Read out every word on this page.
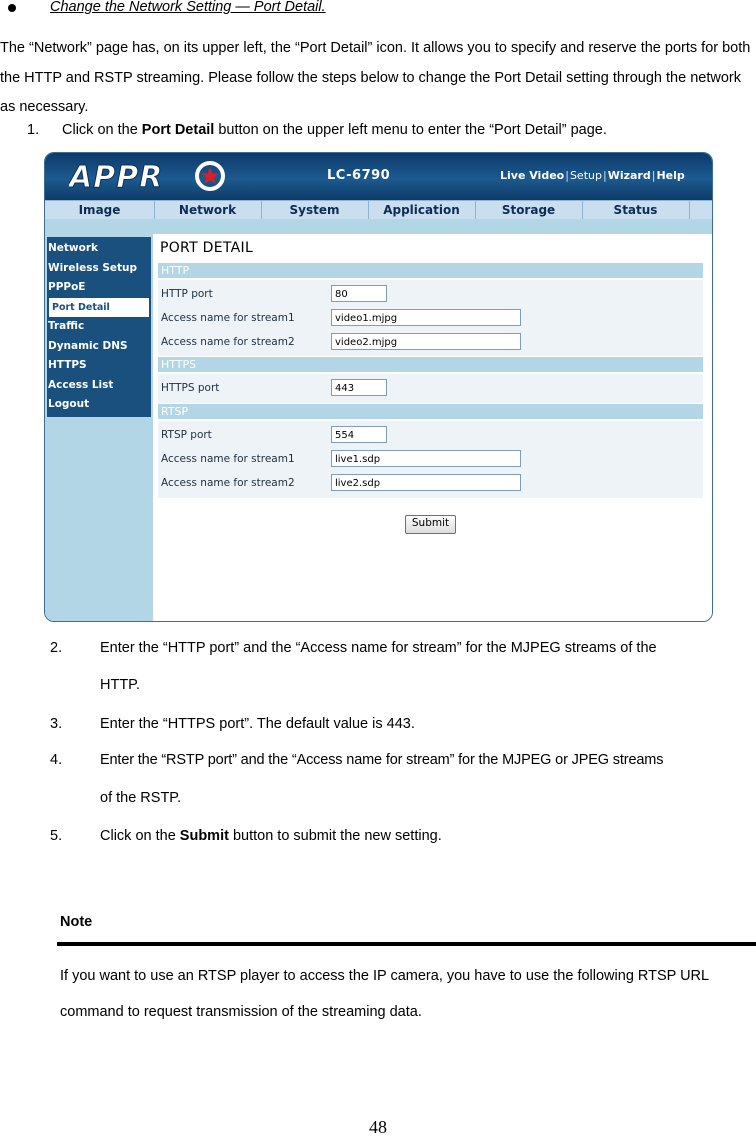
Change the Network Setting — Port Detail.
The “Network” page has, on its upper left, the “Port Detail” icon. It allows you to specify and reserve the ports for both the HTTP and RSTP streaming. Please follow the steps below to change the Port Detail setting through the network as necessary.
1. Click on the Port Detail button on the upper left menu to enter the “Port Detail” page.
APPR	LC-6790	Live Video|Setup|Wizard|Help
Image	Network	System	Application	Storage	Status
Network
Wireless Setup
PPPoE
Port Detail
Traffic
Dynamic DNS
HTTPS
Access List
Logout
PORT DETAIL
HTTP
HTTP port	80
Access name for stream1	video1.mjpg
Access name for stream2	video2.mjpg
HTTPS
HTTPS port	443
RTSP
RTSP port	554
Access name for stream1	live1.sdp
Access name for stream2	live2.sdp
Submit
2.	Enter the “HTTP port” and the “Access name for stream” for the MJPEG streams of the
HTTP.
3.	Enter the “HTTPS port”. The default value is 443.
4.	Enter the “RSTP port” and the “Access name for stream” for the MJPEG or JPEG streams
of the RSTP.
5.	Click on the Submit button to submit the new setting.
Note
If you want to use an RTSP player to access the IP camera, you have to use the following RTSP URL command to request transmission of the streaming data.
48
